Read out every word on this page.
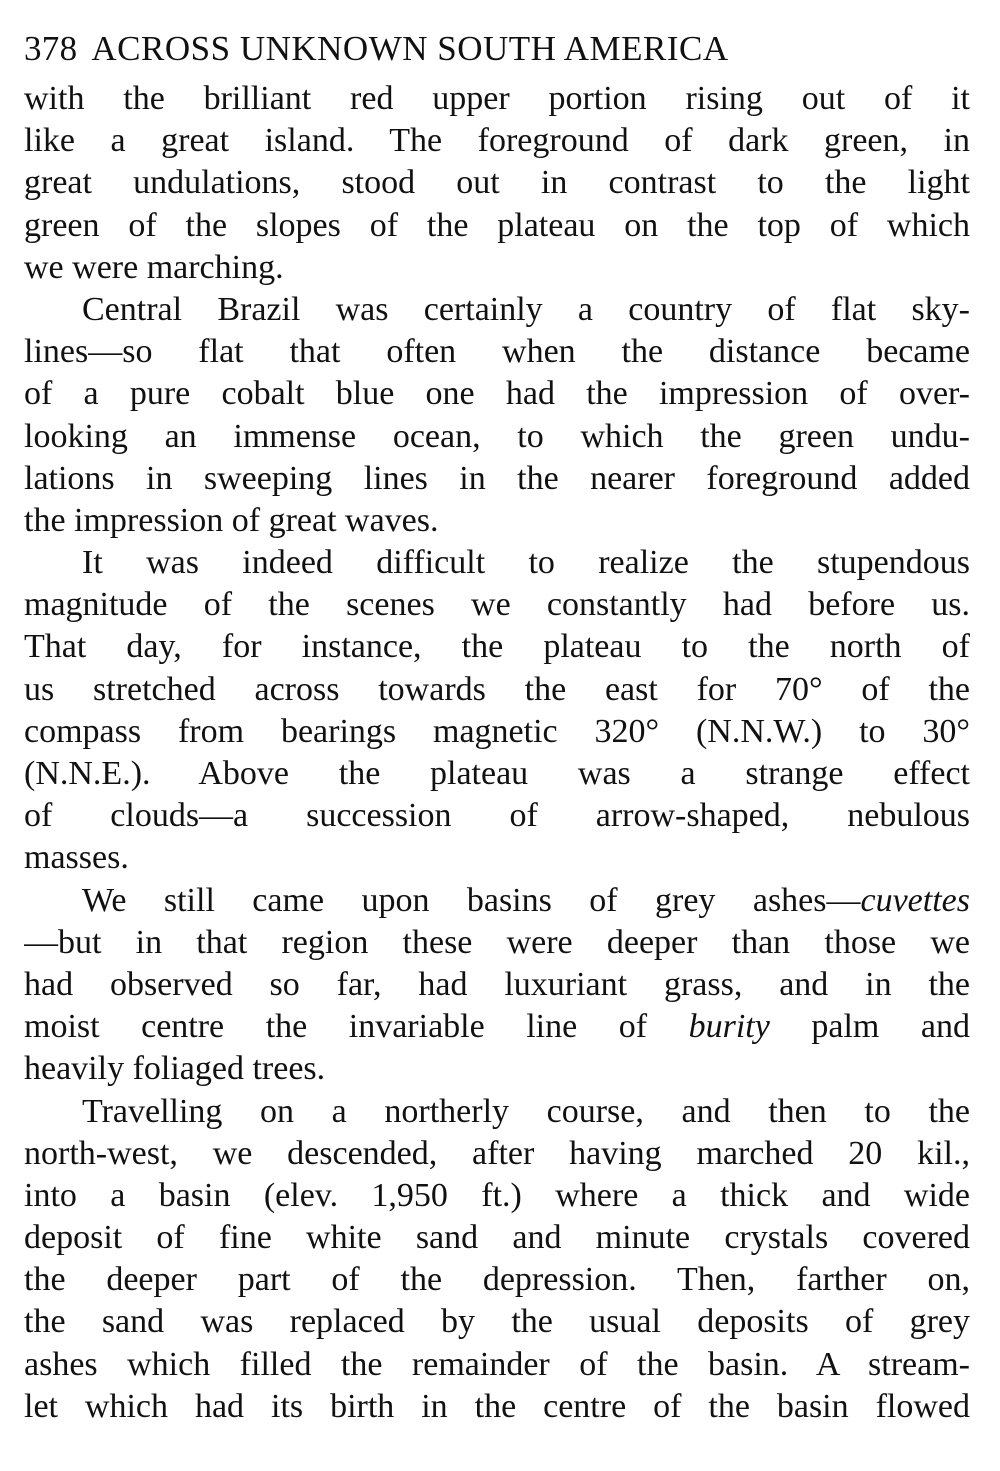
378 ACROSS UNKNOWN SOUTH AMERICA

with the brilliant red upper portion rising out of it
like a great island. The foreground of dark green, in
great undulations, stood out in contrast to the light
green of the slopes of the plateau on the top of which
we were marching.

Central Brazil was certainly a country of flat sky-
lines—so flat that often when the distance became
of a pure cobalt blue one had the impression of over-
looking an immense ocean, to which the green undu-
lations in sweeping lines in the nearer foreground added
the impression of great waves.

It was indeed difficult to realize the stupendous
magnitude of the scenes we constantly had before us.
That day, for instance, the plateau to the north of
us stretched across towards the east for 70° of the
compass from bearings magnetic 320° (N.N.W.) to 30°
(N.N.E.). Above the plateau was a strange effect
of clouds—a succession of arrow-shaped, nebulous
masses.

We still came upon basins of grey ashes—cuvettes
—but in that region these were deeper than those we
had observed so far, had luxuriant grass, and in the
moist centre the invariable line of burity palm and
heavily foliaged trees.

Travelling on a northerly course, and then to the
north-west, we descended, after having marched 20 kil.,
into a basin (elev. 1,950 ft.) where a thick and wide
deposit of fine white sand and minute crystals covered
the deeper part of the depression. Then, farther on,
the sand was replaced by the usual deposits of grey
ashes which filled the remainder of the basin. A stream-
let which had its birth in the centre of the basin flowed
